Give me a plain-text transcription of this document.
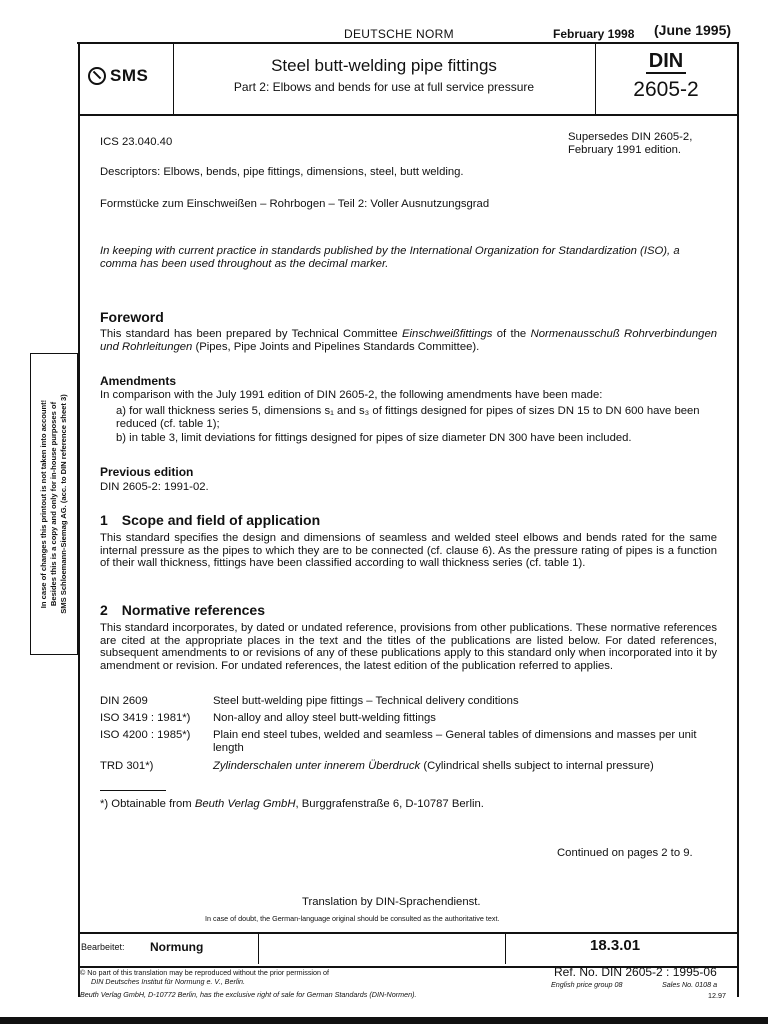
DEUTSCHE NORM	February 1998 (June 1995)
SMS
Steel butt-welding pipe fittings
Part 2: Elbows and bends for use at full service pressure
DIN
2605-2
ICS 23.040.40	Supersedes DIN 2605-2,
February 1991 edition.
Descriptors: Elbows, bends, pipe fittings, dimensions, steel, butt welding.
Formstücke zum Einschweißen – Rohrbogen – Teil 2: Voller Ausnutzungsgrad
In keeping with current practice in standards published by the International Organization for Standardization (ISO), a comma has been used throughout as the decimal marker.
Foreword
This standard has been prepared by Technical Committee Einschweißfittings of the Normenausschuß Rohrverbindungen und Rohrleitungen (Pipes, Pipe Joints and Pipelines Standards Committee).
Amendments
In comparison with the July 1991 edition of DIN 2605-2, the following amendments have been made:
a) for wall thickness series 5, dimensions s₁ and s₃ of fittings designed for pipes of sizes DN 15 to DN 600 have been reduced (cf. table 1);
b) in table 3, limit deviations for fittings designed for pipes of size diameter DN 300 have been included.
Previous edition
DIN 2605-2: 1991-02.
1 Scope and field of application
This standard specifies the design and dimensions of seamless and welded steel elbows and bends rated for the same internal pressure as the pipes to which they are to be connected (cf. clause 6). As the pressure rating of pipes is a function of their wall thickness, fittings have been classified according to wall thickness series (cf. table 1).
2 Normative references
This standard incorporates, by dated or undated reference, provisions from other publications. These normative references are cited at the appropriate places in the text and the titles of the publications are listed below. For dated references, subsequent amendments to or revisions of any of these publications apply to this standard only when incorporated into it by amendment or revision. For undated references, the latest edition of the publication referred to applies.
DIN 2609	Steel butt-welding pipe fittings – Technical delivery conditions
ISO 3419 : 1981*) Non-alloy and alloy steel butt-welding fittings
ISO 4200 : 1985*) Plain end steel tubes, welded and seamless – General tables of dimensions and masses per unit length
TRD 301*)	Zylinderschalen unter innerem Überdruck (Cylindrical shells subject to internal pressure)
*) Obtainable from Beuth Verlag GmbH, Burggrafenstraße 6, D-10787 Berlin.
Continued on pages 2 to 9.
Translation by DIN-Sprachendienst.
In case of doubt, the German-language original should be consulted as the authoritative text.
In case of changes this printout is not taken into account! Besides this is a copy and only for in-house purposes of SMS Schloemann-Siemag AG. (acc. to DIN reference sheet 3)
Bearbeitet: Normung	18.3.01
© No part of this translation may be reproduced without the prior permission of
DIN Deutsches Institut für Normung e. V., Berlin.
Beuth Verlag GmbH, D-10772 Berlin, has the exclusive right of sale for German Standards (DIN-Normen).
Ref. No. DIN 2605-2 : 1995-06
English price group 08	Sales No. 0108 a
12.97
